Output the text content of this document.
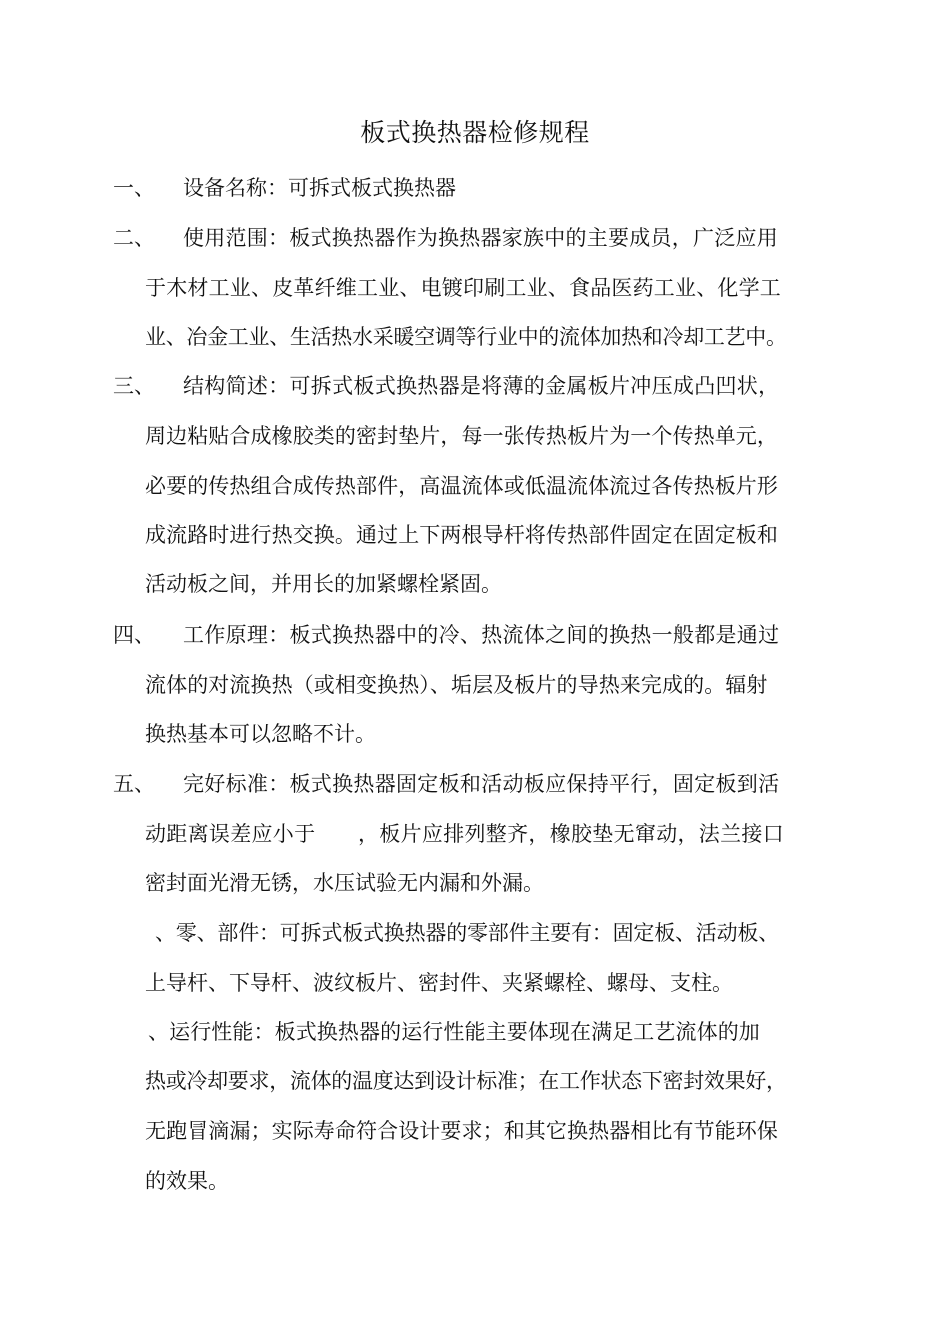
板式换热器检修规程
一、 设备名称：可拆式板式换热器
二、 使用范围：板式换热器作为换热器家族中的主要成员，广泛应用
于木材工业、皮革纤维工业、电镀印刷工业、食品医药工业、化学工
业、冶金工业、生活热水采暖空调等行业中的流体加热和冷却工艺中。
三、 结构简述：可拆式板式换热器是将薄的金属板片冲压成凸凹状，
周边粘贴合成橡胶类的密封垫片，每一张传热板片为一个传热单元，
必要的传热组合成传热部件，高温流体或低温流体流过各传热板片形
成流路时进行热交换。通过上下两根导杆将传热部件固定在固定板和
活动板之间，并用长的加紧螺栓紧固。
四、 工作原理：板式换热器中的冷、热流体之间的换热一般都是通过
流体的对流换热（或相变换热）、垢层及板片的导热来完成的。辐射
换热基本可以忽略不计。
五、 完好标准：板式换热器固定板和活动板应保持平行，固定板到活
动距离误差应小于　　，板片应排列整齐，橡胶垫无窜动，法兰接口
密封面光滑无锈，水压试验无内漏和外漏。
、零、部件：可拆式板式换热器的零部件主要有：固定板、活动板、
上导杆、下导杆、波纹板片、密封件、夹紧螺栓、螺母、支柱。
、运行性能：板式换热器的运行性能主要体现在满足工艺流体的加
热或冷却要求，流体的温度达到设计标准；在工作状态下密封效果好，
无跑冒滴漏；实际寿命符合设计要求；和其它换热器相比有节能环保
的效果。
